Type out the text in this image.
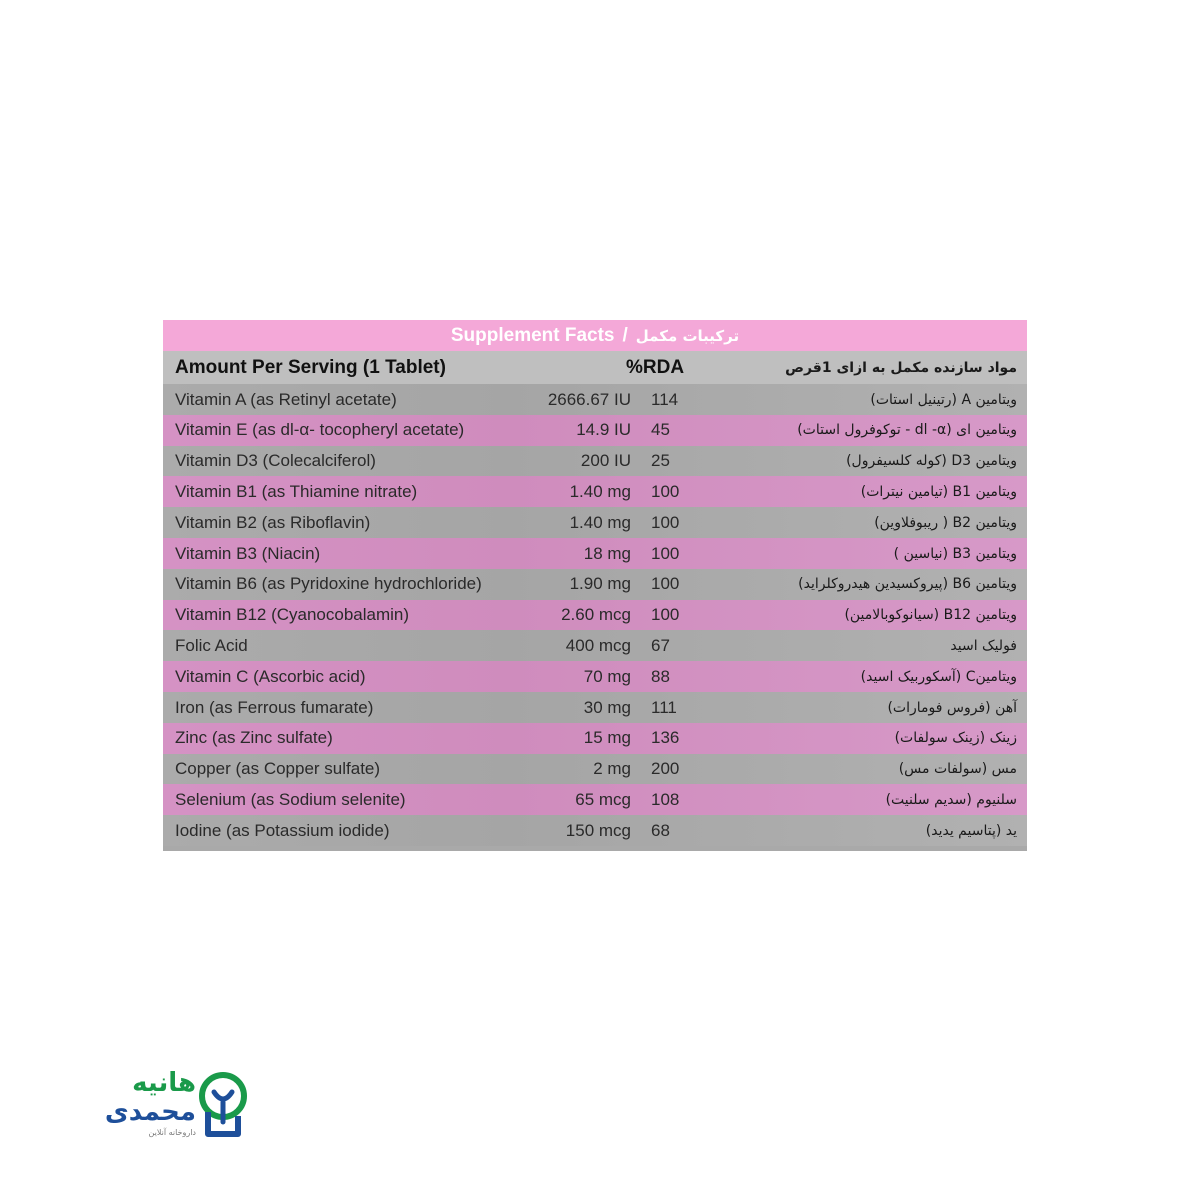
Supplement Facts / ترکیبات مکمل
Amount Per Serving (1 Tablet)	%RDA	مواد سازنده مکمل به ازای 1قرص
Vitamin A (as Retinyl acetate)	2666.67 IU 114	ویتامین A (رتینیل استات)
Vitamin E (as dl-α- tocopheryl acetate)	14.9 IU 45	ویتامین ای (dl -α - توکوفرول استات)
Vitamin D3 (Colecalciferol)	200 IU 25	ویتامین D3 (کوله کلسیفرول)
Vitamin B1 (as Thiamine nitrate)	1.40 mg 100	ویتامین B1 (تیامین نیترات)
Vitamin B2 (as Riboflavin)	1.40 mg 100	ویتامین B2 ( ریبوفلاوین)
Vitamin B3 (Niacin)	18 mg 100	ویتامین B3 (نیاسین )
Vitamin B6 (as Pyridoxine hydrochloride)	1.90 mg 100	ویتامین B6 (پیروکسیدین هیدروکلراید)
Vitamin B12 (Cyanocobalamin)	2.60 mcg 100	ویتامین B12 (سیانوکوبالامین)
Folic Acid	400 mcg 67	فولیک اسید
Vitamin C (Ascorbic acid)	70 mg 88	ویتامینC (آسکوربیک اسید)
Iron (as Ferrous fumarate)	30 mg 111	آهن (فروس فومارات)
Zinc (as Zinc sulfate)	15 mg 136	زینک (زینک سولفات)
Copper (as Copper sulfate)	2 mg 200	مس (سولفات مس)
Selenium (as Sodium selenite)	65 mcg 108	سلنیوم (سدیم سلنیت)
Iodine (as Potassium iodide)	150 mcg 68	ید (پتاسیم یدید)
هانیه
محمدی
داروخانه آنلاین
